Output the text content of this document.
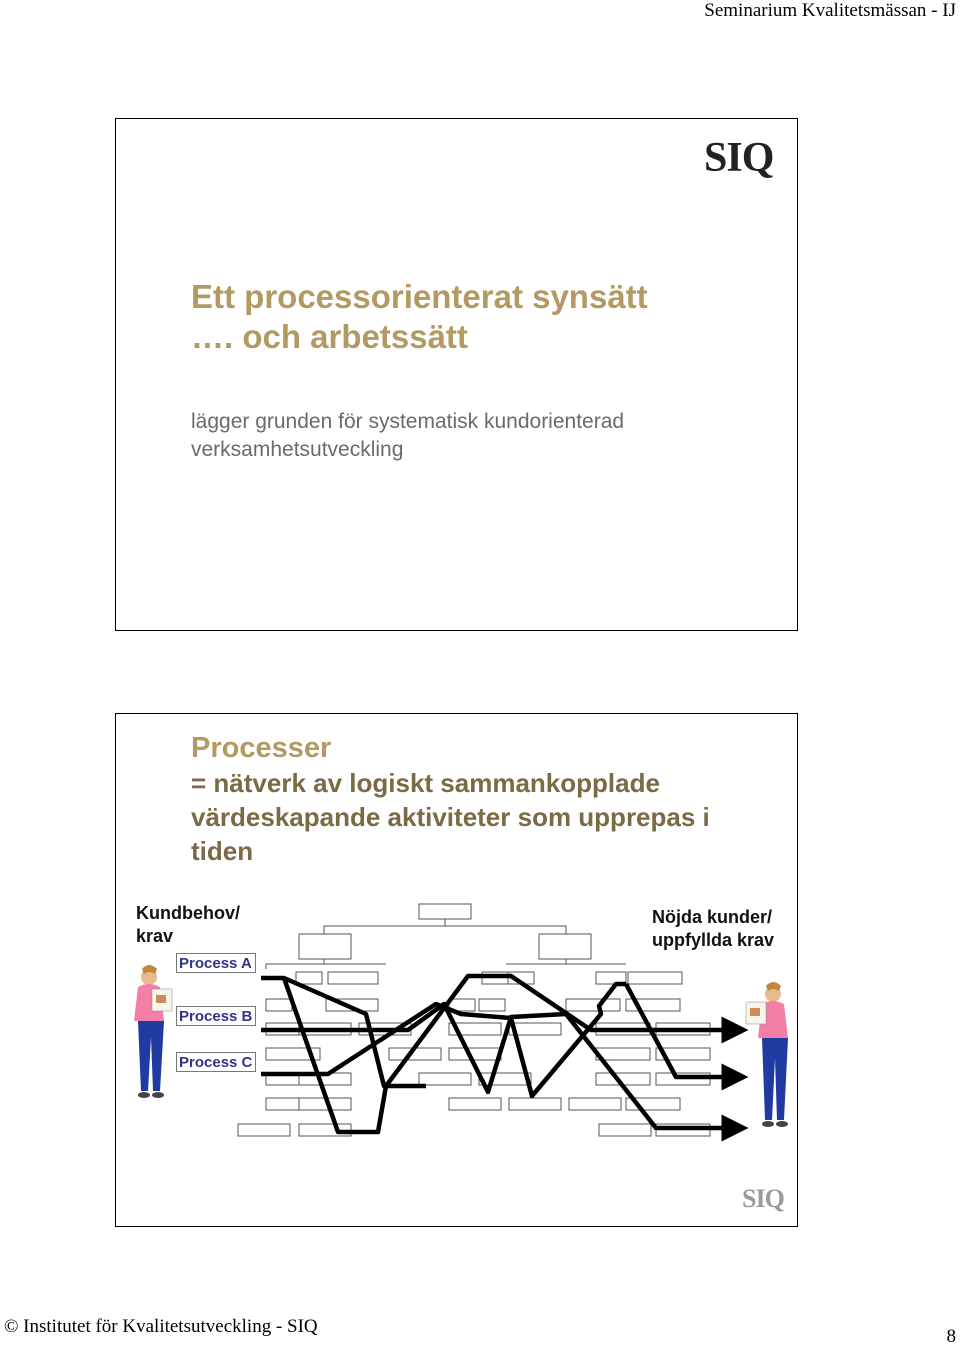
Seminarium Kvalitetsmässan - IJ
SIQ
Ett processorienterat synsätt
…. och arbetssätt
lägger grunden för systematisk kundorienterad
verksamhetsutveckling
Processer
= nätverk av logiskt sammankopplade
värdeskapande aktiviteter som upprepas i
tiden
Kundbehov/
krav
Nöjda kunder/
uppfyllda krav
Process A
Process B
Process C
SIQ
© Institutet för Kvalitetsutveckling - SIQ	8
